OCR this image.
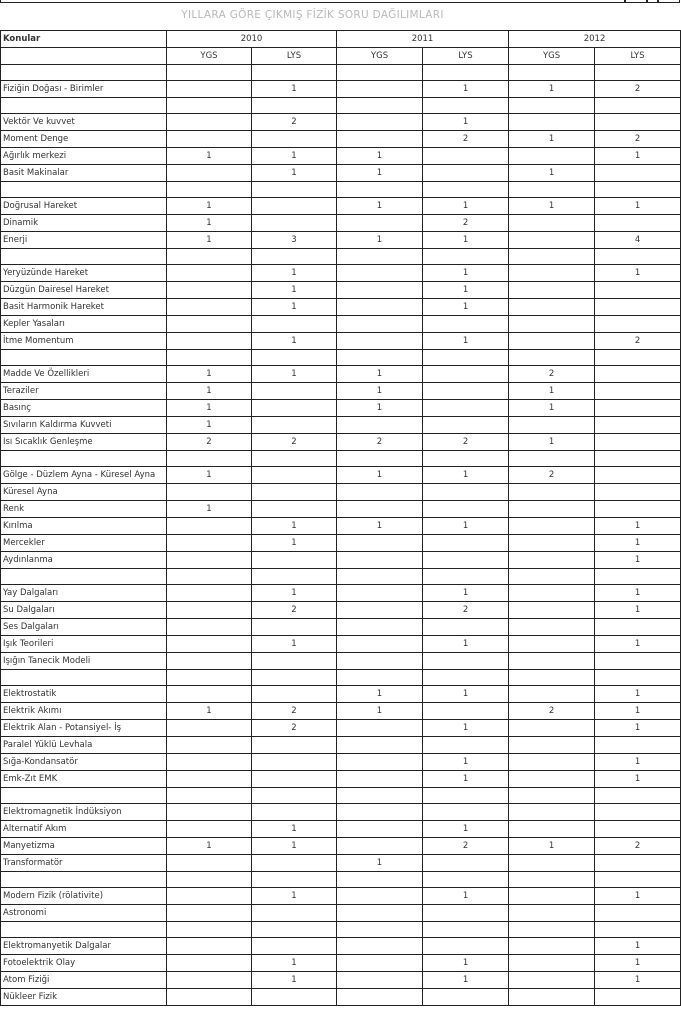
YILLARA GÖRE ÇIKMIŞ FİZİK SORU DAĞILIMLARI
Konular	2010		2011		2012	
	YGS	LYS	YGS	LYS	YGS	LYS

Fiziğin Doğası - Birimler		1		1	1	2

Vektör Ve kuvvet		2		1		
Moment Denge				2	1	2
Ağırlık merkezi	1	1	1			1
Basit Makinalar		1	1		1	

Doğrusal Hareket	1		1	1	1	1
Dinamik	1			2		
Enerji	1	3	1	1		4

Yeryüzünde Hareket		1		1		1
Düzgün Dairesel Hareket		1		1		
Basit Harmonik Hareket		1		1		
Kepler Yasaları						
İtme Momentum		1		1		2

Madde Ve Özellikleri	1	1	1		2	
Teraziler	1		1		1	
Basınç	1		1		1	
Sıvıların Kaldırma Kuvveti	1					
Isı Sıcaklık Genleşme	2	2	2	2	1	

Gölge - Düzlem Ayna - Küresel Ayna	1		1	1	2	
Küresel Ayna						
Renk	1					
Kırılma		1	1	1		1
Mercekler		1				1
Aydınlanma						1

Yay Dalgaları		1		1		1
Su Dalgaları		2		2		1
Ses Dalgaları						
Işık Teorileri		1		1		1
Işığın Tanecik Modeli						

Elektrostatik			1	1		1
Elektrik Akımı	1	2	1		2	1
Elektrik Alan - Potansiyel- İş		2		1		1
Paralel Yüklü Levhala						
Sığa-Kondansatör				1		1
Emk-Zıt EMK				1		1

Elektromagnetik İndüksiyon						
Alternatif Akım		1		1		
Manyetizma	1	1		2	1	2
Transformatör			1			

Modern Fizik (rölativite)		1		1		1
Astronomi						

Elektromanyetik Dalgalar						1
Fotoelektrik Olay		1		1		1
Atom Fiziği		1		1		1
Nükleer Fizik						
